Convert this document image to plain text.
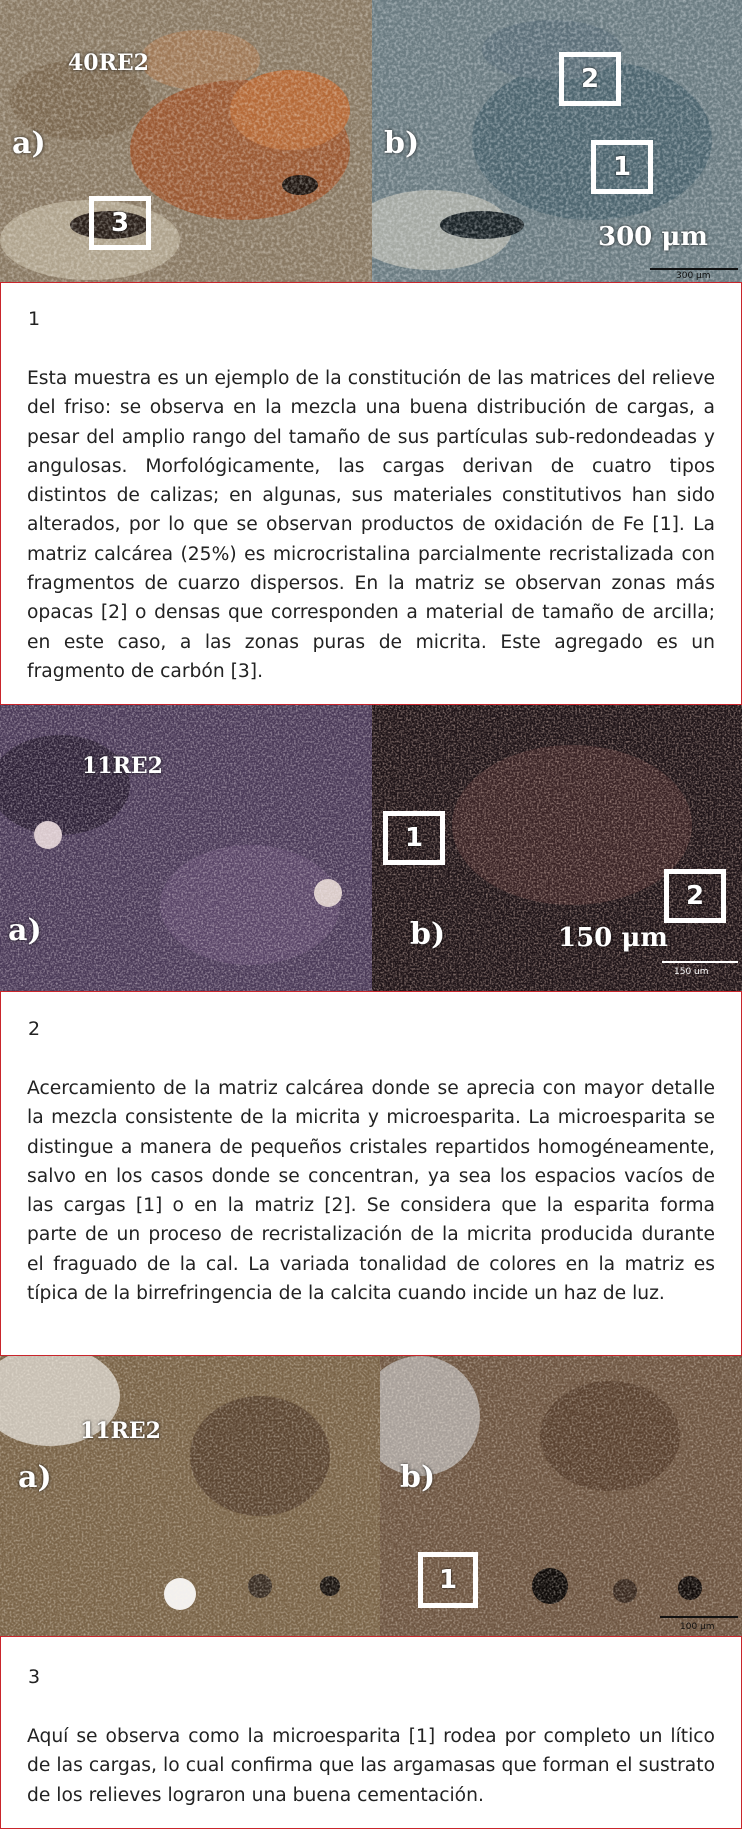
40RE2
a)	b)
3
2
1
300 μm
300 μm
1

Esta muestra es un ejemplo de la constitución de las matrices del relieve del friso: se observa en la mezcla una buena distribución de cargas, a pesar del amplio rango del tamaño de sus partículas sub-redondeadas y angulosas. Morfológicamente, las cargas derivan de cuatro tipos distintos de calizas; en algunas, sus materiales constitutivos han sido alterados, por lo que se observan productos de oxidación de Fe [1]. La matriz calcárea (25%) es microcristalina parcialmente recristalizada con fragmentos de cuarzo dispersos. En la matriz se observan zonas más opacas [2] o densas que corresponden a material de tamaño de arcilla; en este caso, a las zonas puras de micrita. Este agregado es un fragmento de carbón [3].

11RE2
a)	b)
1
2
150 μm
150 um
2

Acercamiento de la matriz calcárea donde se aprecia con mayor detalle la mezcla consistente de la micrita y microesparita. La microesparita se distingue a manera de pequeños cristales repartidos homogéneamente, salvo en los casos donde se concentran, ya sea los espacios vacíos de las cargas [1] o en la matriz [2]. Se considera que la esparita forma parte de un proceso de recristalización de la micrita producida durante el fraguado de la cal. La variada tonalidad de colores en la matriz es típica de la birrefringencia de la calcita cuando incide un haz de luz.

11RE2
a)	b)
1
100 μm
3

Aquí se observa como la microesparita [1] rodea por completo un lítico de las cargas, lo cual confirma que las argamasas que forman el sustrato de los relieves lograron una buena cementación.
